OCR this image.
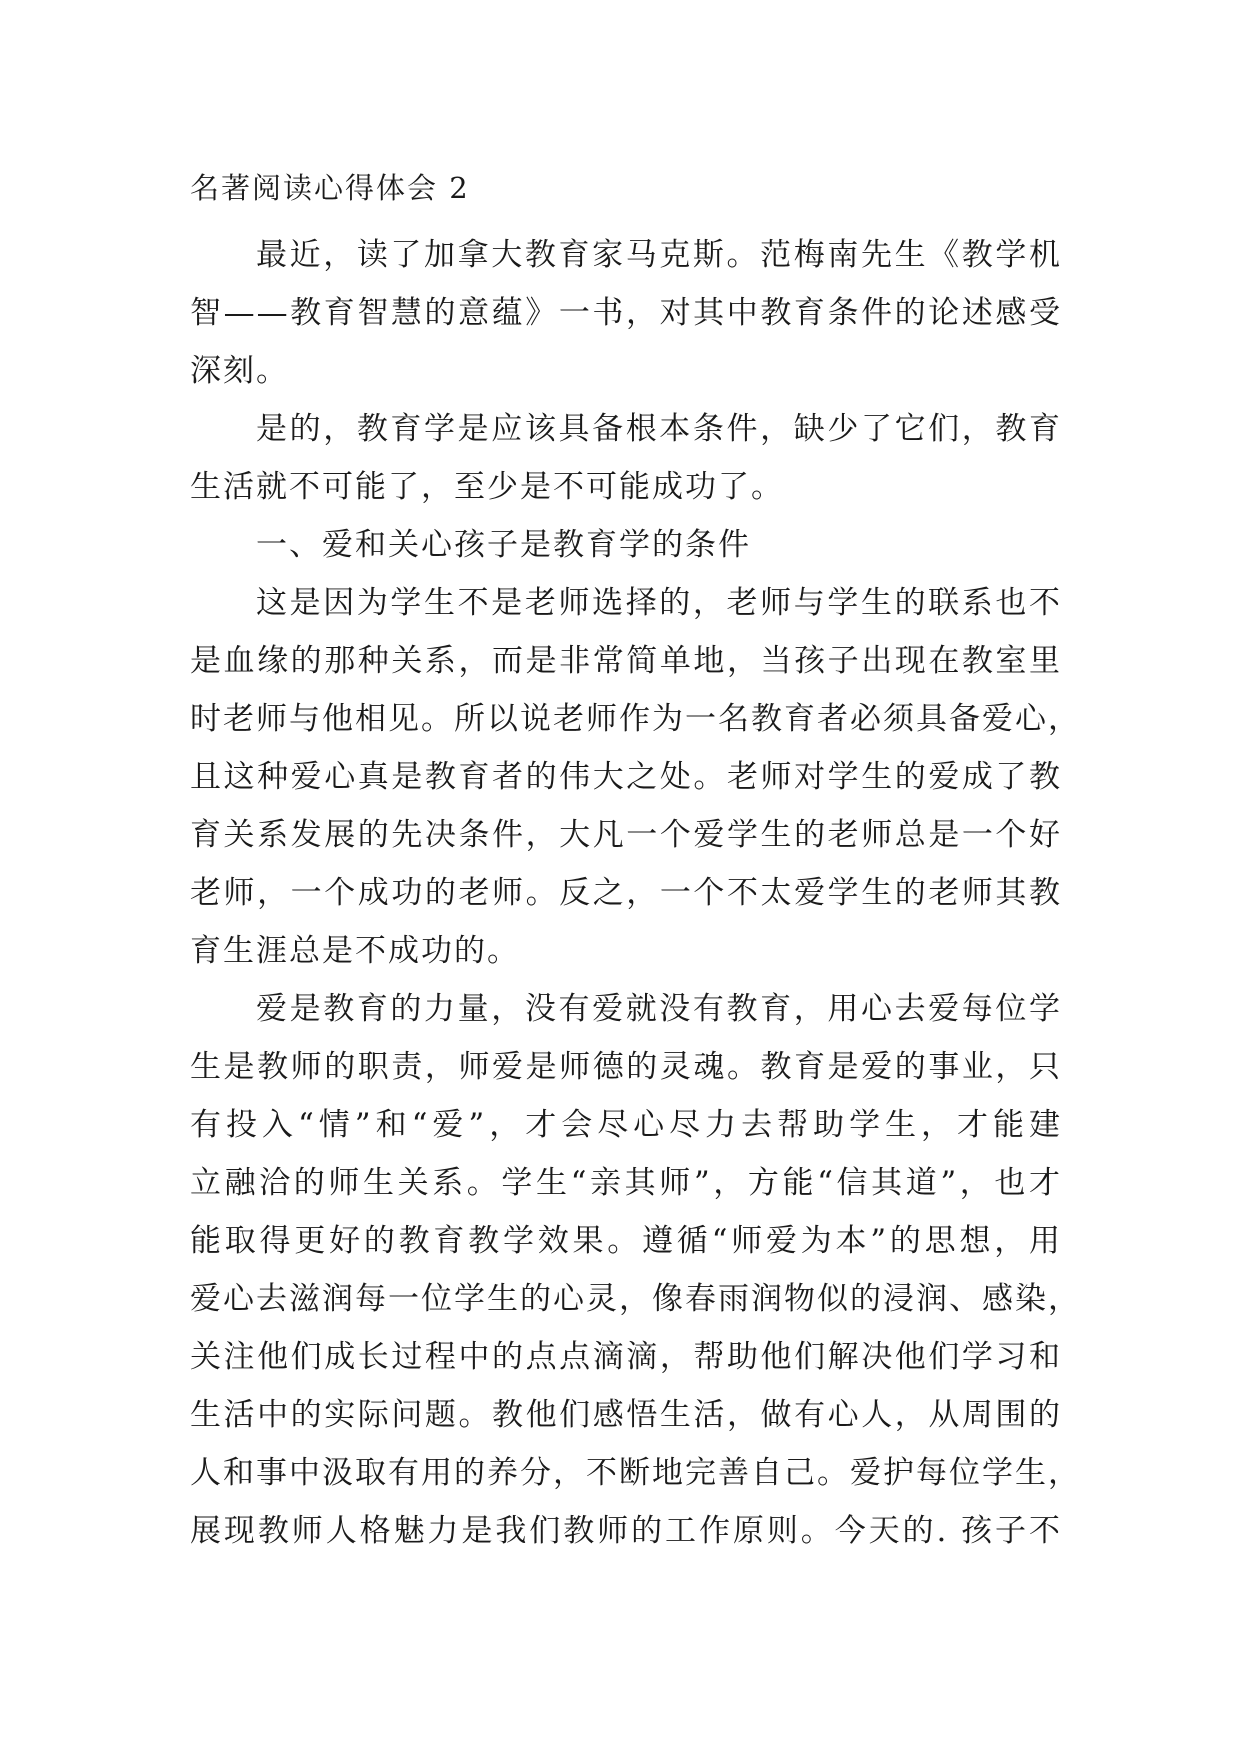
名著阅读心得体会 2

最近，读了加拿大教育家马克斯。范梅南先生《教学机
智——教育智慧的意蕴》一书，对其中教育条件的论述感受
深刻。

是的，教育学是应该具备根本条件，缺少了它们，教育
生活就不可能了，至少是不可能成功了。

一、爱和关心孩子是教育学的条件

这是因为学生不是老师选择的，老师与学生的联系也不
是血缘的那种关系，而是非常简单地，当孩子出现在教室里
时老师与他相见。所以说老师作为一名教育者必须具备爱心，
且这种爱心真是教育者的伟大之处。老师对学生的爱成了教
育关系发展的先决条件，大凡一个爱学生的老师总是一个好
老师，一个成功的老师。反之，一个不太爱学生的老师其教
育生涯总是不成功的。

爱是教育的力量，没有爱就没有教育，用心去爱每位学
生是教师的职责，师爱是师德的灵魂。教育是爱的事业，只
有投入“情”和“爱”，才会尽心尽力去帮助学生，才能建
立融洽的师生关系。学生“亲其师”，方能“信其道”，也才
能取得更好的教育教学效果。遵循“师爱为本”的思想，用
爱心去滋润每一位学生的心灵，像春雨润物似的浸润、感染，
关注他们成长过程中的点点滴滴，帮助他们解决他们学习和
生活中的实际问题。教他们感悟生活，做有心人，从周围的
人和事中汲取有用的养分，不断地完善自己。爱护每位学生，
展现教师人格魅力是我们教师的工作原则。今天的. 孩子不
